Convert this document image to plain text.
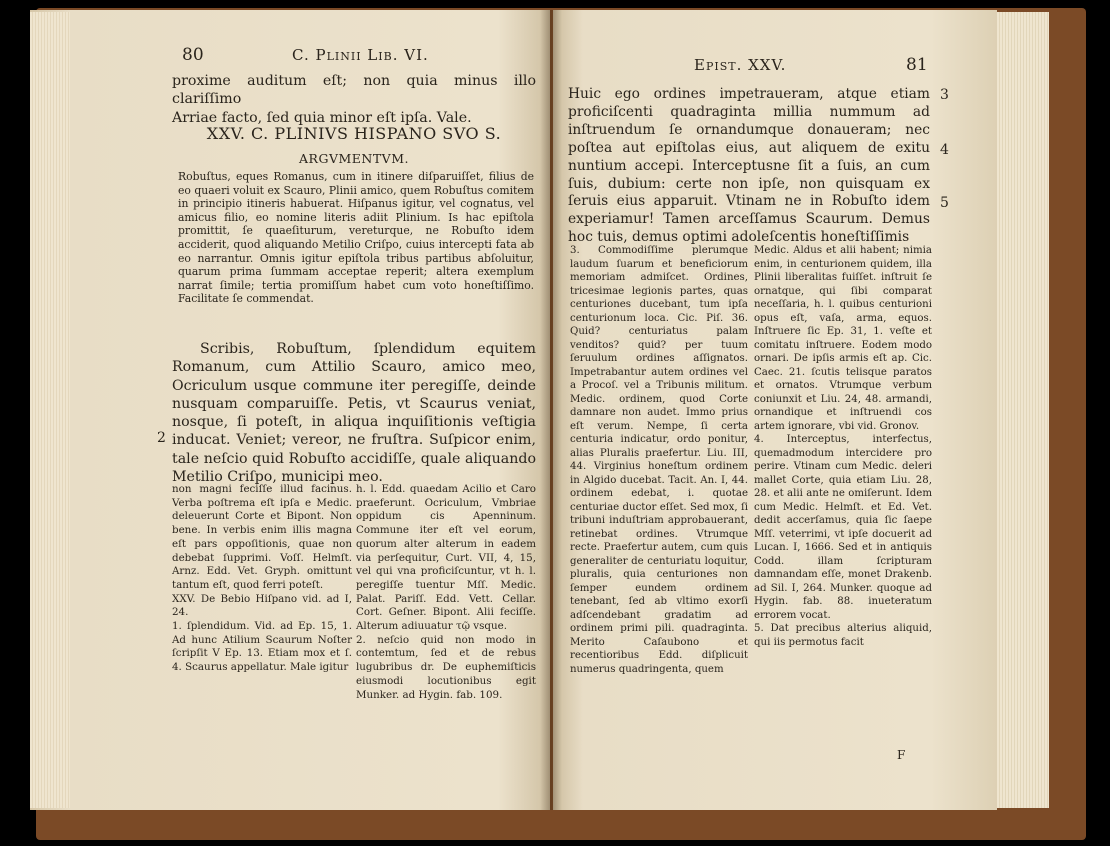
80	C. Plinii Lib. VI.

proxime auditum eſt; non quia minus illo clariſſimo

Arriae facto, ſed quia minor eſt ipſa. Vale.

XXV. C. PLINIVS HISPANO SVO S.
ARGVMENTVM.
Robuſtus, eques Romanus, cum in itinere diſparuiſſet, filius de eo quaeri voluit ex Scauro, Plinii amico, quem Robuſtus comitem in principio itineris habuerat. Hiſpanus igitur, vel cognatus, vel amicus filio, eo nomine literis adiit Plinium. Is hac epiſtola promittit, ſe quaeſiturum, vereturque, ne Robuſto idem acciderit, quod aliquando Metilio Criſpo, cuius intercepti fata ab eo narrantur. Omnis igitur epiſtola tribus partibus abſoluitur, quarum prima ſummam acceptae reperit; altera exemplum narrat ſimile; tertia promiſſum habet cum voto honeſtiſſimo. Facilitate ſe commendat.
Scribis, Robuſtum, ſplendidum equitem Romanum, cum Attilio Scauro, amico meo, Ocriculum usque commune iter peregiſſe, deinde nusquam comparuiſſe. Petis, vt Scaurus veniat, nosque, ſi poteſt, in aliqua inquiſitionis veſtigia inducat. Veniet; vereor, ne fruſtra. Suſpicor enim, tale neſcio quid Robuſto accidiſſe, quale aliquando Metilio Criſpo, municipi meo.
2
non magni feciſſe illud facinus. Verba poſtrema eſt ipſa e Medic. deleuerunt Corte et Bipont. Non bene. In verbis enim illis magna eſt pars oppoſitionis, quae non debebat ſupprimi. Voſſ. Helmſt. Arnz. Edd. Vet. Gryph. omittunt tantum eſt, quod ferri poteſt.
XXV. De Bebio Hiſpano vid. ad I, 24.
1. ſplendidum. Vid. ad Ep. 15, 1. Ad hunc Atilium Scaurum Noſter ſcripſit V Ep. 13. Etiam mox et ſ. 4. Scaurus appellatur. Male igitur
h. l. Edd. quaedam Acilio et Caro praeferunt. Ocriculum, Vmbriae oppidum cis Apenninum. Commune iter eſt vel eorum, quorum alter alterum in eadem via perſequitur, Curt. VII, 4, 15, vel qui vna proficiſcuntur, vt h. l. peregiſſe tuentur Mſſ. Medic. Palat. Pariſſ. Edd. Vett. Cellar. Cort. Geſner. Bipont. Alii feciſſe. Alterum adiuuatur τῷ vsque.
2. neſcio quid non modo in contemtum, ſed et de rebus lugubribus dr. De euphemiſticis eiusmodi locutionibus egit Munker. ad Hygin. fab. 109.
Epist. XXV.	81
Huic ego ordines impetraueram, atque etiam proficiſcenti quadraginta millia nummum ad inſtruendum ſe ornandumque donaueram; nec poſtea aut epiſtolas eius, aut aliquem de exitu nuntium accepi. Interceptusne ſit a ſuis, an cum ſuis, dubium: certe non ipſe, non quisquam ex ſeruis eius apparuit. Vtinam ne in Robuſto idem experiamur! Tamen arceſſamus Scaurum. Demus hoc tuis, demus optimi adoleſcentis honeſtiſſimis
3
4
5
3. Commodiſſime plerumque laudum ſuarum et beneficiorum memoriam admiſcet. Ordines, tricesimae legionis partes, quas centuriones ducebant, tum ipſa centurionum loca. Cic. Piſ. 36. Quid? centuriatus palam venditos? quid? per tuum ſeruulum ordines aſſignatos. Impetrabantur autem ordines vel a Procoſ. vel a Tribunis militum. Medic. ordinem, quod Corte damnare non audet. Immo prius eſt verum. Nempe, ſi certa centuria indicatur, ordo ponitur, alias Pluralis praefertur. Liu. III, 44. Virginius honeſtum ordinem in Algido ducebat. Tacit. An. I, 44. ordinem edebat, i. quotae centuriae ductor eſſet. Sed mox, ſi tribuni induſtriam approbauerant, retinebat ordines. Vtrumque recte. Praefertur autem, cum quis generaliter de centuriatu loquitur, pluralis, quia centuriones non ſemper eundem ordinem tenebant, ſed ab vltimo exorſi adſcendebant gradatim ad ordinem primi pili. quadraginta. Merito Caſaubono et recentioribus Edd. diſplicuit numerus quadringenta, quem
Medic. Aldus et alii habent; nimia enim, in centurionem quidem, illa Plinii liberalitas fuiſſet. inſtruit ſe ornatque, qui ſibi comparat neceſſaria, h. l. quibus centurioni opus eſt, vaſa, arma, equos. Inſtruere ſic Ep. 31, 1. veſte et comitatu inſtruere. Eodem modo ornari. De ipſis armis eſt ap. Cic. Caec. 21. ſcutis telisque paratos et ornatos. Vtrumque verbum coniunxit et Liu. 24, 48. armandi, ornandique et inſtruendi cos artem ignorare, vbi vid. Gronov.
4. Interceptus, interfectus, quemadmodum intercidere pro perire. Vtinam cum Medic. deleri mallet Corte, quia etiam Liu. 28, 28. et alii ante ne omiſerunt. Idem cum Medic. Helmſt. et Ed. Vet. dedit accerſamus, quia ſic ſaepe Mſſ. veterrimi, vt ipſe docuerit ad Lucan. I, 1666. Sed et in antiquis Codd. illam ſcripturam damnandam eſſe, monet Drakenb. ad Sil. I, 264. Munker. quoque ad Hygin. fab. 88. inueteratum errorem vocat.
5. Dat precibus alterius aliquid, qui iis permotus facit
F
